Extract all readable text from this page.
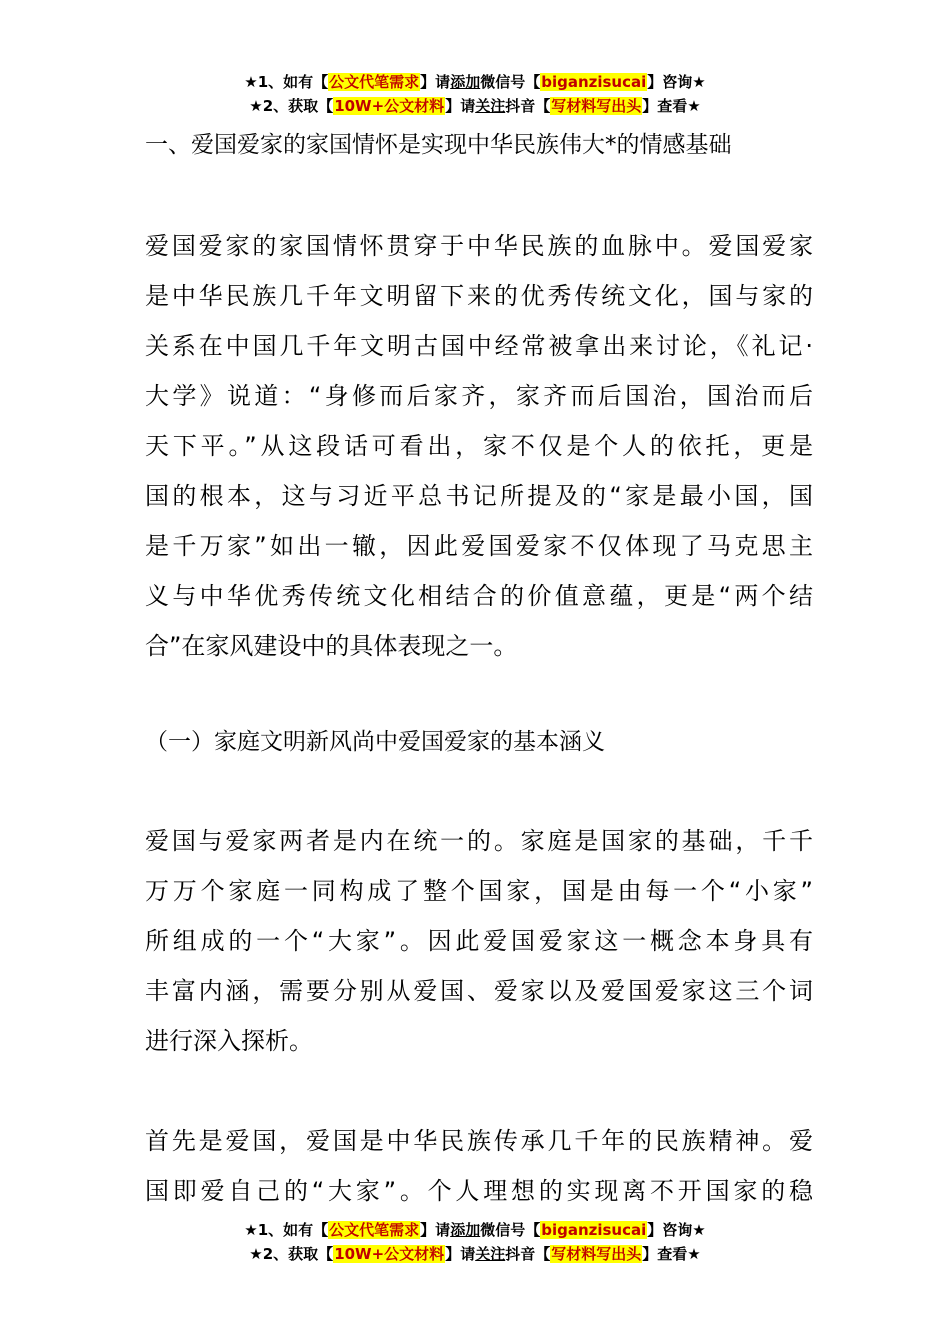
★1、如有【公文代笔需求】请添加微信号【biganzisucai】咨询★
★2、获取【10W+公文材料】请关注抖音【写材料写出头】查看★
一、爱国爱家的家国情怀是实现中华民族伟大*的情感基础
爱国爱家的家国情怀贯穿于中华民族的血脉中。爱国爱家
是中华民族几千年文明留下来的优秀传统文化，国与家的
关系在中国几千年文明古国中经常被拿出来讨论，《礼记·
大学》说道：“身修而后家齐，家齐而后国治，国治而后
天下平。”从这段话可看出，家不仅是个人的依托，更是
国的根本，这与习近平总书记所提及的“家是最小国，国
是千万家”如出一辙，因此爱国爱家不仅体现了马克思主
义与中华优秀传统文化相结合的价值意蕴，更是“两个结
合”在家风建设中的具体表现之一。
（一）家庭文明新风尚中爱国爱家的基本涵义
爱国与爱家两者是内在统一的。家庭是国家的基础，千千
万万个家庭一同构成了整个国家，国是由每一个“小家”
所组成的一个“大家”。因此爱国爱家这一概念本身具有
丰富内涵，需要分别从爱国、爱家以及爱国爱家这三个词
进行深入探析。
首先是爱国，爱国是中华民族传承几千年的民族精神。爱
国即爱自己的“大家”。个人理想的实现离不开国家的稳
★1、如有【公文代笔需求】请添加微信号【biganzisucai】咨询★
★2、获取【10W+公文材料】请关注抖音【写材料写出头】查看★
